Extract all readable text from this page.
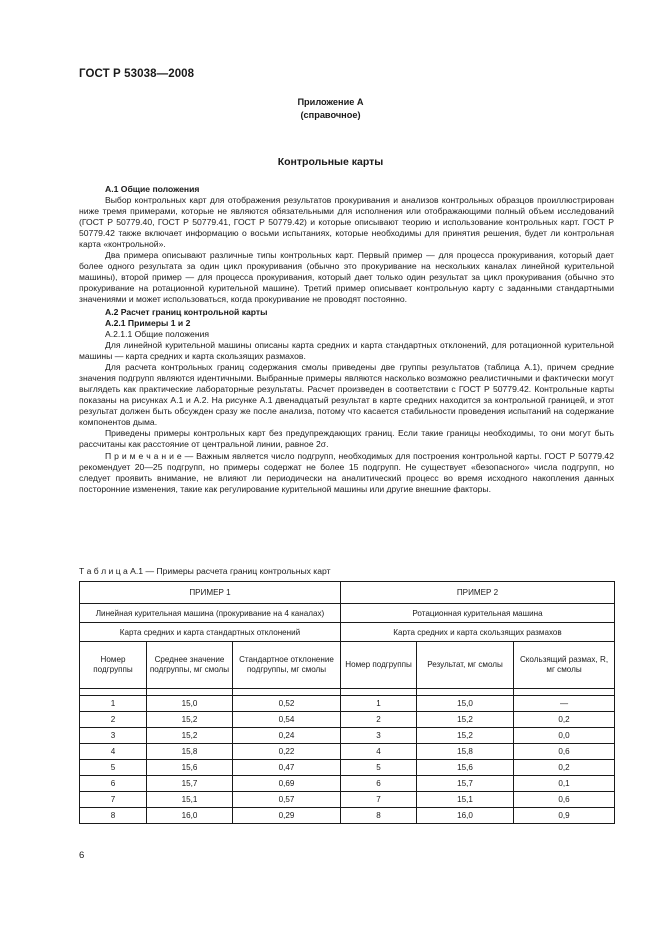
ГОСТ Р 53038—2008
Приложение А
(справочное)
Контрольные карты

А.1 Общие положения

Выбор контрольных карт для отображения результатов прокуривания и анализов контрольных образцов проиллюстрирован ниже тремя примерами, которые не являются обязательными для исполнения или отображающими полный объем исследований (ГОСТ Р 50779.40, ГОСТ Р 50779.41, ГОСТ Р 50779.42) и которые описывают теорию и использование контрольных карт. ГОСТ Р 50779.42 также включает информацию о восьми испытаниях, которые необходимы для принятия решения, будет ли контрольная карта «контрольной».

Два примера описывают различные типы контрольных карт. Первый пример — для процесса прокуривания, который дает более одного результата за один цикл прокуривания (обычно это прокуривание на нескольких каналах линейной курительной машины), второй пример — для процесса прокуривания, который дает только один результат за цикл прокуривания (обычно это прокуривание на ротационной курительной машине). Третий пример описывает контрольную карту с заданными стандартными значениями и может использоваться, когда прокуривание не проводят постоянно.

А.2 Расчет границ контрольной карты

А.2.1 Примеры 1 и 2

А.2.1.1 Общие положения

Для линейной курительной машины описаны карта средних и карта стандартных отклонений, для ротационной курительной машины — карта средних и карта скользящих размахов.

Для расчета контрольных границ содержания смолы приведены две группы результатов (таблица А.1), причем средние значения подгрупп являются идентичными. Выбранные примеры являются насколько возможно реалистичными и фактически могут выглядеть как практические лабораторные результаты. Расчет произведен в соответствии с ГОСТ Р 50779.42. Контрольные карты показаны на рисунках А.1 и А.2. На рисунке А.1 двенадцатый результат в карте средних находится за контрольной границей, и этот результат должен быть обсужден сразу же после анализа, потому что касается стабильности проведения испытаний на содержание компонентов дыма.

Приведены примеры контрольных карт без предупреждающих границ. Если такие границы необходимы, то они могут быть рассчитаны как расстояние от центральной линии, равное 2σ.

П р и м е ч а н и е — Важным является число подгрупп, необходимых для построения контрольной карты. ГОСТ Р 50779.42 рекомендует 20—25 подгрупп, но примеры содержат не более 15 подгрупп. Не существует «безопасного» числа подгрупп, но следует проявить внимание, не влияют ли периодически на аналитический процесс во время исходного накопления данных посторонние изменения, такие как регулирование курительной машины или другие внешние факторы.

Т а б л и ц а А.1 — Примеры расчета границ контрольных карт
ПРИМЕР 1			ПРИМЕР 2		
Линейная курительная машина (прокуривание на 4 каналах)			Ротационная курительная машина		
Карта средних и карта стандартных отклонений			Карта средних и карта скользящих размахов		
Номер подгруппы	Среднее значение подгруппы, мг смолы	Стандартное отклонение подгруппы, мг смолы	Номер подгруппы	Результат, мг смолы	Скользящий размах, R, мг смолы

1	15,0	0,52	1	15,0	—
2	15,2	0,54	2	15,2	0,2
3	15,2	0,24	3	15,2	0,0
4	15,8	0,22	4	15,8	0,6
5	15,6	0,47	5	15,6	0,2
6	15,7	0,69	6	15,7	0,1
7	15,1	0,57	7	15,1	0,6
8	16,0	0,29	8	16,0	0,9
6
